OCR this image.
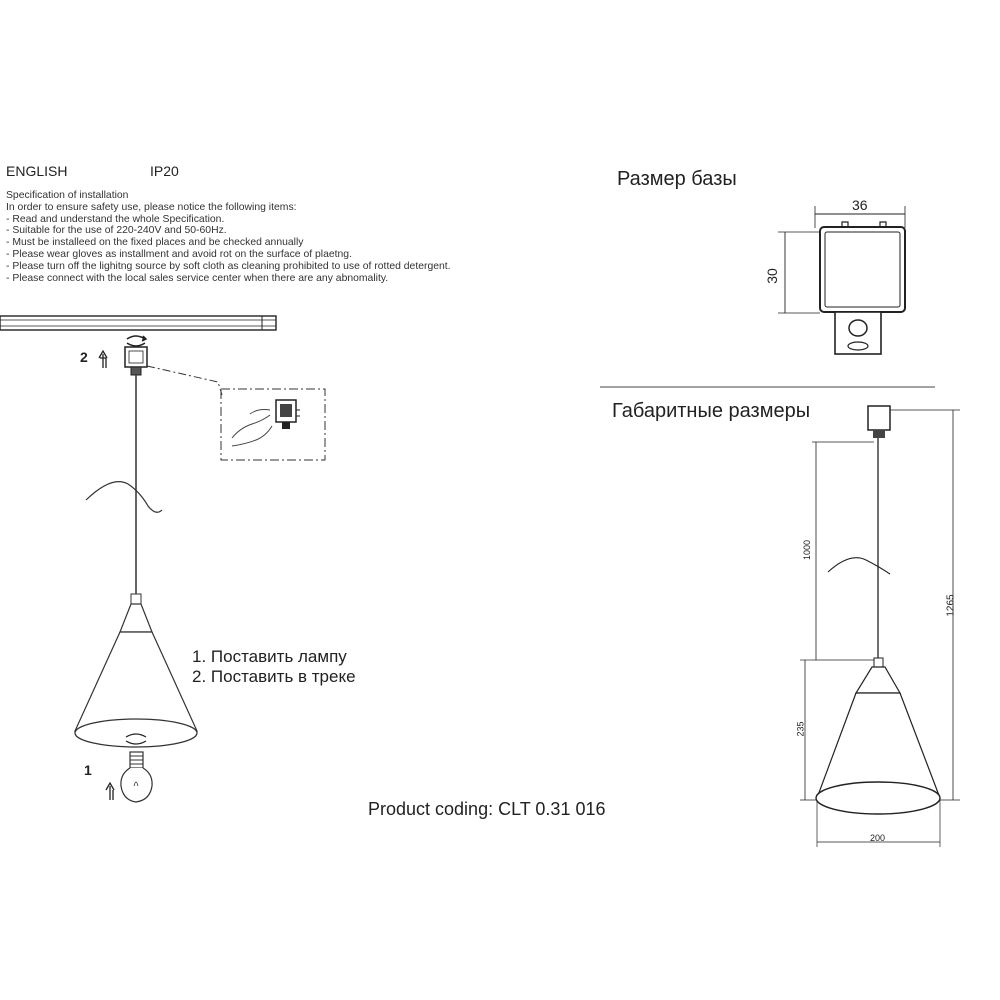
ENGLISH	IP20
Specification of installation
In order to ensure safety use, please notice the following items:
- Read and understand the whole Specification.
- Suitable for the use of 220-240V and 50-60Hz.
- Must be installeed on the fixed places and be checked annually
- Please wear gloves as installment and avoid rot on the surface of plaetng.
- Please turn off the lighitng source by soft cloth as cleaning prohibited to use of rotted detergent.
- Please connect with the local sales service center when there are any abnomality.
2
1
1. Поставить лампу
2. Поставить в треке
Product coding: CLT 0.31 016
Размер базы
36
30
Габаритные размеры
1000
1265
235
200
